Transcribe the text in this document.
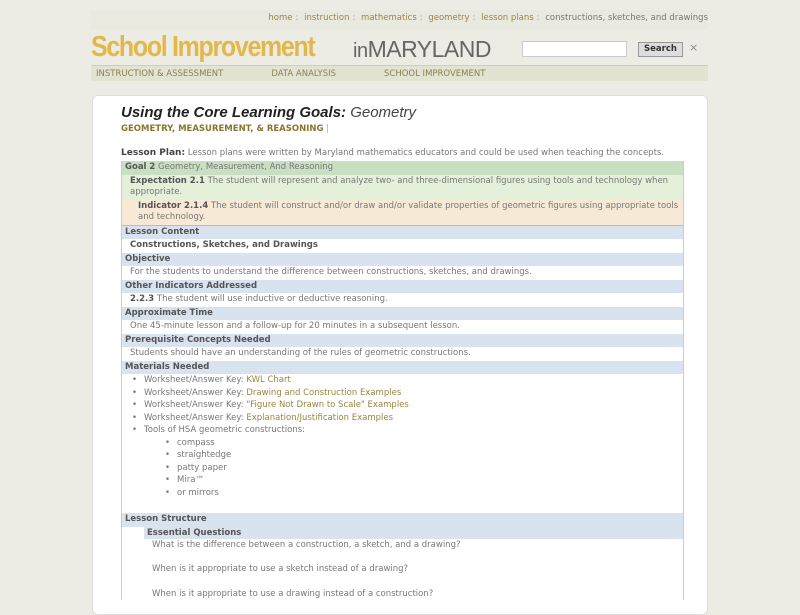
home : instruction : mathematics : geometry : lesson plans : constructions, sketches, and drawings
School Improvement inMARYLAND	Search	×
INSTRUCTION & ASSESSMENT	DATA ANALYSIS	SCHOOL IMPROVEMENT
Using the Core Learning Goals: Geometry
GEOMETRY, MEASUREMENT, & REASONING |
Lesson Plan: Lesson plans were written by Maryland mathematics educators and could be used when teaching the concepts.
Goal 2 Geometry, Measurement, And Reasoning
Expectation 2.1 The student will represent and analyze two- and three-dimensional figures using tools and technology when appropriate.
Indicator 2.1.4 The student will construct and/or draw and/or validate properties of geometric figures using appropriate tools and technology.
Lesson Content
Constructions, Sketches, and Drawings
Objective
For the students to understand the difference between constructions, sketches, and drawings.
Other Indicators Addressed
2.2.3 The student will use inductive or deductive reasoning.
Approximate Time
One 45-minute lesson and a follow-up for 20 minutes in a subsequent lesson.
Prerequisite Concepts Needed
Students should have an understanding of the rules of geometric constructions.
Materials Needed
• Worksheet/Answer Key: KWL Chart
• Worksheet/Answer Key: Drawing and Construction Examples
• Worksheet/Answer Key: "Figure Not Drawn to Scale" Examples
• Worksheet/Answer Key: Explanation/Justification Examples
• Tools of HSA geometric constructions:
• compass
• straightedge
• patty paper
• Mira™
• or mirrors
Lesson Structure
Essential Questions
What is the difference between a construction, a sketch, and a drawing?
When is it appropriate to use a sketch instead of a drawing?
When is it appropriate to use a drawing instead of a construction?
